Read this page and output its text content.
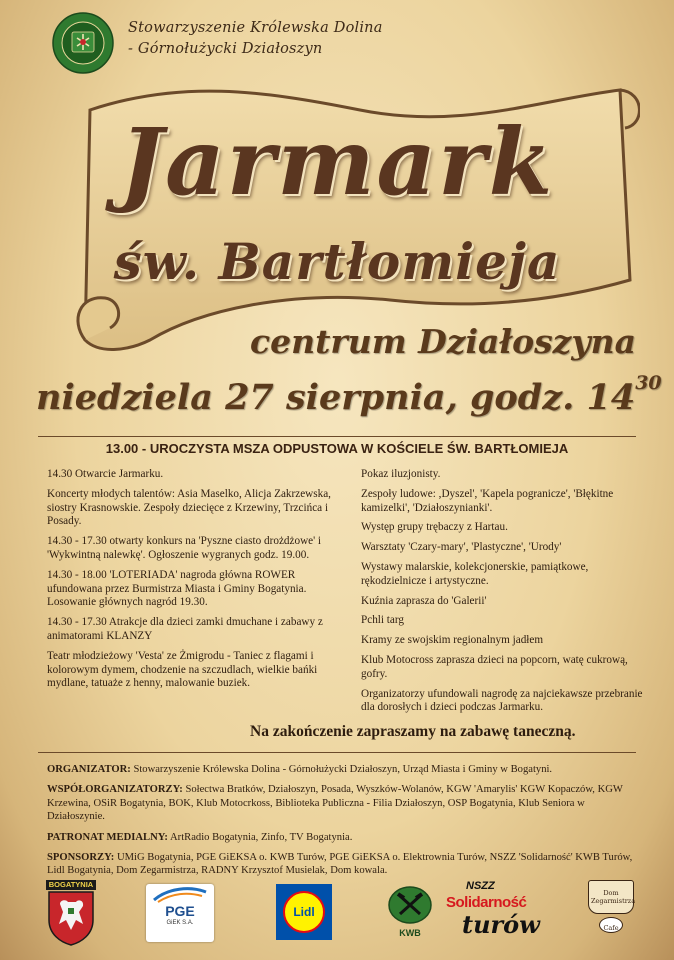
Stowarzyszenie Królewska Dolina
- Górnołużycki Działoszyn
Jarmark
św. Bartłomieja
centrum Działoszyna
niedziela 27 sierpnia, godz. $14^{30}$
13.00 - UROCZYSTA MSZA ODPUSTOWA W KOŚCIELE ŚW. BARTŁOMIEJA

14.30 Otwarcie Jarmarku.

Koncerty młodych talentów: Asia Maselko, Alicja Zakrzewska, siostry Krasnowskie. Zespoły dziecięce z Krzewiny, Trzcińca i Posady.

14.30 - 17.30 otwarty konkurs na 'Pyszne ciasto drożdżowe' i 'Wykwintną nalewkę'. Ogłoszenie wygranych godz. 19.00.

14.30 - 18.00 'LOTERIADA' nagroda główna ROWER ufundowana przez Burmistrza Miasta i Gminy Bogatynia. Losowanie głównych nagród 19.30.

14.30 - 17.30 Atrakcje dla dzieci zamki dmuchane i zabawy z animatorami KLANZY

Teatr młodzieżowy 'Vesta' ze Żmigrodu - Taniec z flagami i kolorowym dymem, chodzenie na szczudlach, wielkie bańki mydlane, tatuaże z henny, malowanie buziek.

Pokaz iluzjonisty.

Zespoły ludowe: ,Dyszel', 'Kapela pogranicze', 'Błękitne kamizelki', 'Działoszynianki'.

Występ grupy trębaczy z Hartau.

Warsztaty 'Czary-mary', 'Plastyczne', 'Urody'

Wystawy malarskie, kolekcjonerskie, pamiątkowe, rękodzielnicze i artystyczne.

Kuźnia zaprasza do 'Galerii'

Pchli targ

Kramy ze swojskim regionalnym jadłem

Klub Motocross zaprasza dzieci na popcorn, watę cukrową, gofry.

Organizatorzy ufundowali nagrodę za najciekawsze przebranie dla dorosłych i dzieci podczas Jarmarku.

Na zakończenie zapraszamy na zabawę taneczną.

ORGANIZATOR: Stowarzyszenie Królewska Dolina - Górnołużycki Działoszyn, Urząd Miasta i Gminy w Bogatyni.

WSPÓŁORGANIZATORZY: Sołectwa Bratków, Działoszyn, Posada, Wyszków-Wolanów, KGW 'Amarylis' KGW Kopaczów, KGW Krzewina, OSiR Bogatynia, BOK, Klub Motocrkoss, Biblioteka Publiczna - Filia Działoszyn, OSP Bogatynia, Klub Seniora w Działoszynie.

PATRONAT MEDIALNY: ArtRadio Bogatynia, Zinfo, TV Bogatynia.

SPONSORZY: UMiG Bogatynia, PGE GiEKSA o. KWB Turów, PGE GiEKSA o. Elektrownia Turów, NSZZ 'Solidarność' KWB Turów, Lidl Bogatynia, Dom Zegarmistrza, RADNY Krzysztof Musielak, Dom kowala.

BOGATYNIA
PGE
GiEK S.A.
Lidl
KWB
NSZZ
Solidarność
turów
Dom Zegarmistrza
Cafe
